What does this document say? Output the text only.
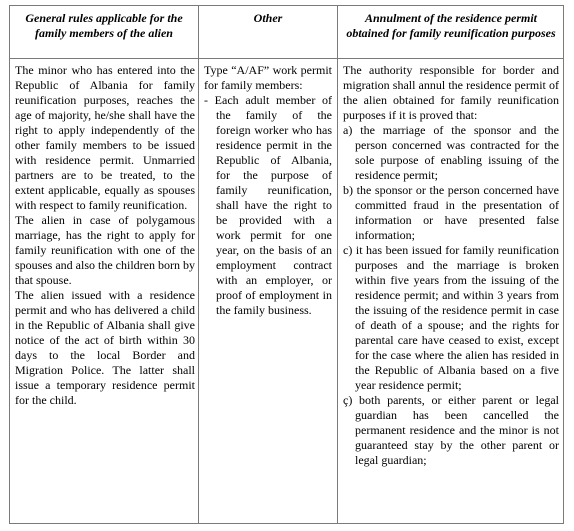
General rules applicable for the family members of the alien
Other	Annulment of the residence permit obtained for family reunification purposes

The minor who has entered into the Republic of Albania for family reunification purposes, reaches the age of majority, he/she shall have the right to apply independently of the other family members to be issued with residence permit. Unmarried partners are to be treated, to the extent applicable, equally as spouses with respect to family reunification.

The alien in case of polygamous marriage, has the right to apply for family reunification with one of the spouses and also the children born by that spouse.

The alien issued with a residence permit and who has delivered a child in the Republic of Albania shall give notice of the act of birth within 30 days to the local Border and Migration Police. The latter shall issue a temporary residence permit for the child.

Type “A/AF” work permit for family members:

- Each adult member of the family of the foreign worker who has residence permit in the Republic of Albania, for the purpose of family reunification, shall have the right to be provided with a work permit for one year, on the basis of an employment contract with an employer, or proof of employment in the family business.

The authority responsible for border and migration shall annul the residence permit of the alien obtained for family reunification purposes if it is proved that:

a) the marriage of the sponsor and the person concerned was contracted for the sole purpose of enabling issuing of the residence permit;

b) the sponsor or the person concerned have committed fraud in the presentation of information or have presented false information;

c) it has been issued for family reunification purposes and the marriage is broken within five years from the issuing of the residence permit; and within 3 years from the issuing of the residence permit in case of death of a spouse; and the rights for parental care have ceased to exist, except for the case where the alien has resided in the Republic of Albania based on a five year residence permit;

ç) both parents, or either parent or legal guardian has been cancelled the permanent residence and the minor is not guaranteed stay by the other parent or legal guardian;
